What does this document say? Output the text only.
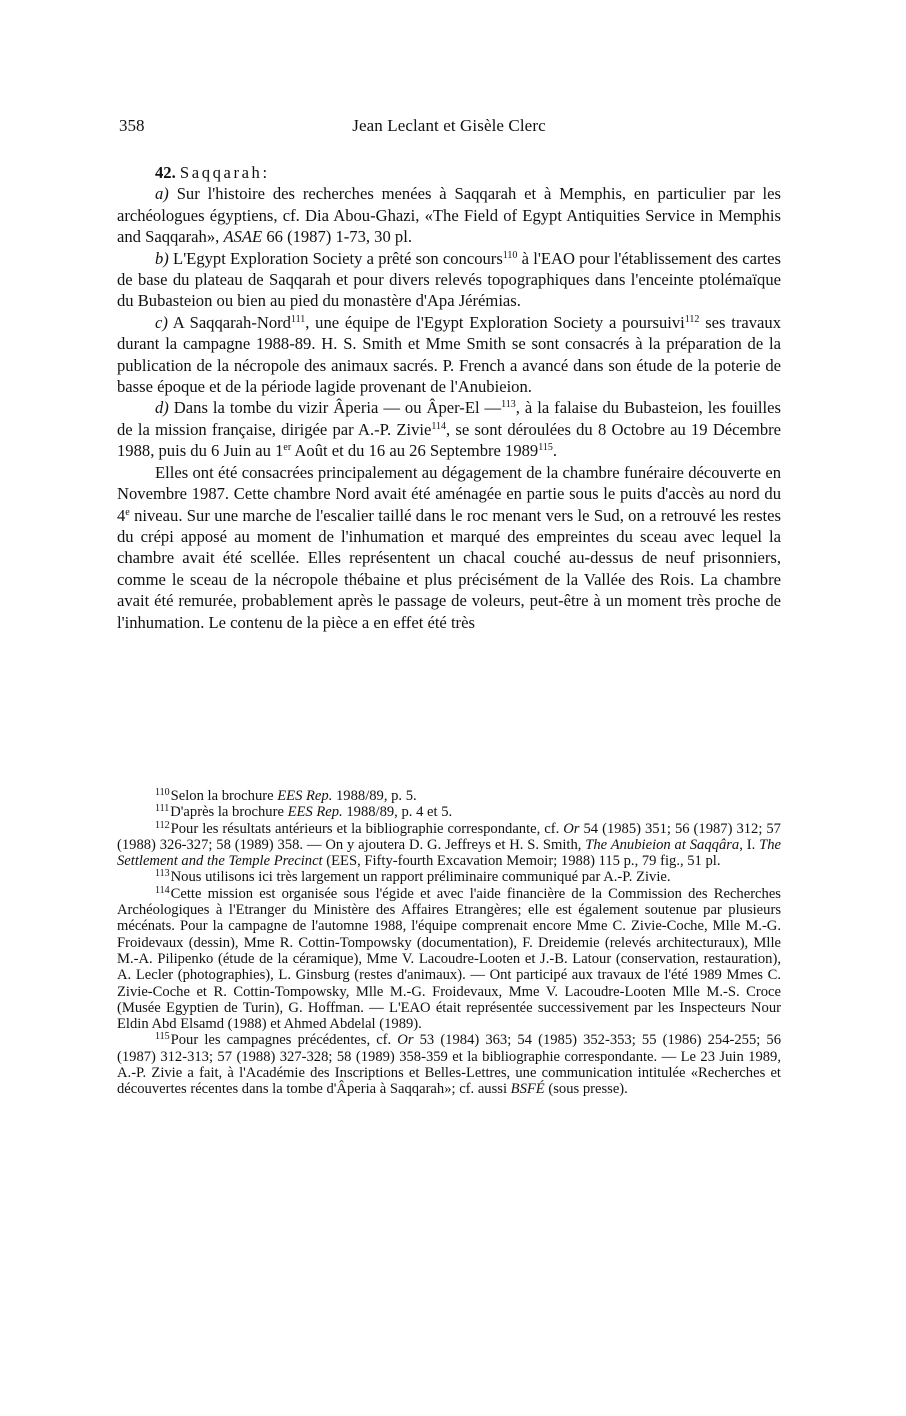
358	Jean Leclant et Gisèle Clerc

42. Saqqarah:

a) Sur l'histoire des recherches menées à Saqqarah et à Memphis, en particulier par les archéologues égyptiens, cf. Dia Abou-Ghazi, «The Field of Egypt Antiquities Service in Memphis and Saqqarah», ASAE 66 (1987) 1-73, 30 pl.

b) L'Egypt Exploration Society a prêté son concours$^{110}$ à l'EAO pour l'établissement des cartes de base du plateau de Saqqarah et pour divers relevés topographiques dans l'enceinte ptolémaïque du Bubasteion ou bien au pied du monastère d'Apa Jérémias.

c) A Saqqarah-Nord$^{111}$, une équipe de l'Egypt Exploration Society a poursuivi$^{112}$ ses travaux durant la campagne 1988-89. H. S. Smith et Mme Smith se sont consacrés à la préparation de la publication de la nécropole des animaux sacrés. P. French a avancé dans son étude de la poterie de basse époque et de la période lagide provenant de l'Anubieion.

d) Dans la tombe du vizir Âperia — ou Âper-El —$^{113}$, à la falaise du Bubasteion, les fouilles de la mission française, dirigée par A.-P. Zivie$^{114}$, se sont déroulées du 8 Octobre au 19 Décembre 1988, puis du 6 Juin au 1er Août et du 16 au 26 Septembre 1989$^{115}$.

Elles ont été consacrées principalement au dégagement de la chambre funéraire découverte en Novembre 1987. Cette chambre Nord avait été aménagée en partie sous le puits d'accès au nord du 4e niveau. Sur une marche de l'escalier taillé dans le roc menant vers le Sud, on a retrouvé les restes du crépi apposé au moment de l'inhumation et marqué des empreintes du sceau avec lequel la chambre avait été scellée. Elles représentent un chacal couché au-dessus de neuf prisonniers, comme le sceau de la nécropole thébaine et plus précisément de la Vallée des Rois. La chambre avait été remurée, probablement après le passage de voleurs, peut-être à un moment très proche de l'inhumation. Le contenu de la pièce a en effet été très

$^{110}$Selon la brochure EES Rep. 1988/89, p. 5.

$^{111}$D'après la brochure EES Rep. 1988/89, p. 4 et 5.

$^{112}$Pour les résultats antérieurs et la bibliographie correspondante, cf. Or 54 (1985) 351; 56 (1987) 312; 57 (1988) 326-327; 58 (1989) 358. — On y ajoutera D. G. Jeffreys et H. S. Smith, The Anubieion at Saqqâra, I. The Settlement and the Temple Precinct (EES, Fifty-fourth Excavation Memoir; 1988) 115 p., 79 fig., 51 pl.

$^{113}$Nous utilisons ici très largement un rapport préliminaire communiqué par A.-P. Zivie.

$^{114}$Cette mission est organisée sous l'égide et avec l'aide financière de la Commission des Recherches Archéologiques à l'Etranger du Ministère des Affaires Etrangères; elle est également soutenue par plusieurs mécénats. Pour la campagne de l'automne 1988, l'équipe comprenait encore Mme C. Zivie-Coche, Mlle M.-G. Froidevaux (dessin), Mme R. Cottin-Tompowsky (documentation), F. Dreidemie (relevés architecturaux), Mlle M.-A. Pilipenko (étude de la céramique), Mme V. Lacoudre-Looten et J.-B. Latour (conservation, restauration), A. Lecler (photographies), L. Ginsburg (restes d'animaux). — Ont participé aux travaux de l'été 1989 Mmes C. Zivie-Coche et R. Cottin-Tompowsky, Mlle M.-G. Froidevaux, Mme V. Lacoudre-Looten Mlle M.-S. Croce (Musée Egyptien de Turin), G. Hoffman. — L'EAO était représentée successivement par les Inspecteurs Nour Eldin Abd Elsamd (1988) et Ahmed Abdelal (1989).

$^{115}$Pour les campagnes précédentes, cf. Or 53 (1984) 363; 54 (1985) 352-353; 55 (1986) 254-255; 56 (1987) 312-313; 57 (1988) 327-328; 58 (1989) 358-359 et la bibliographie correspondante. — Le 23 Juin 1989, A.-P. Zivie a fait, à l'Académie des Inscriptions et Belles-Lettres, une communication intitulée «Recherches et découvertes récentes dans la tombe d'Âperia à Saqqarah»; cf. aussi BSFÉ (sous presse).
